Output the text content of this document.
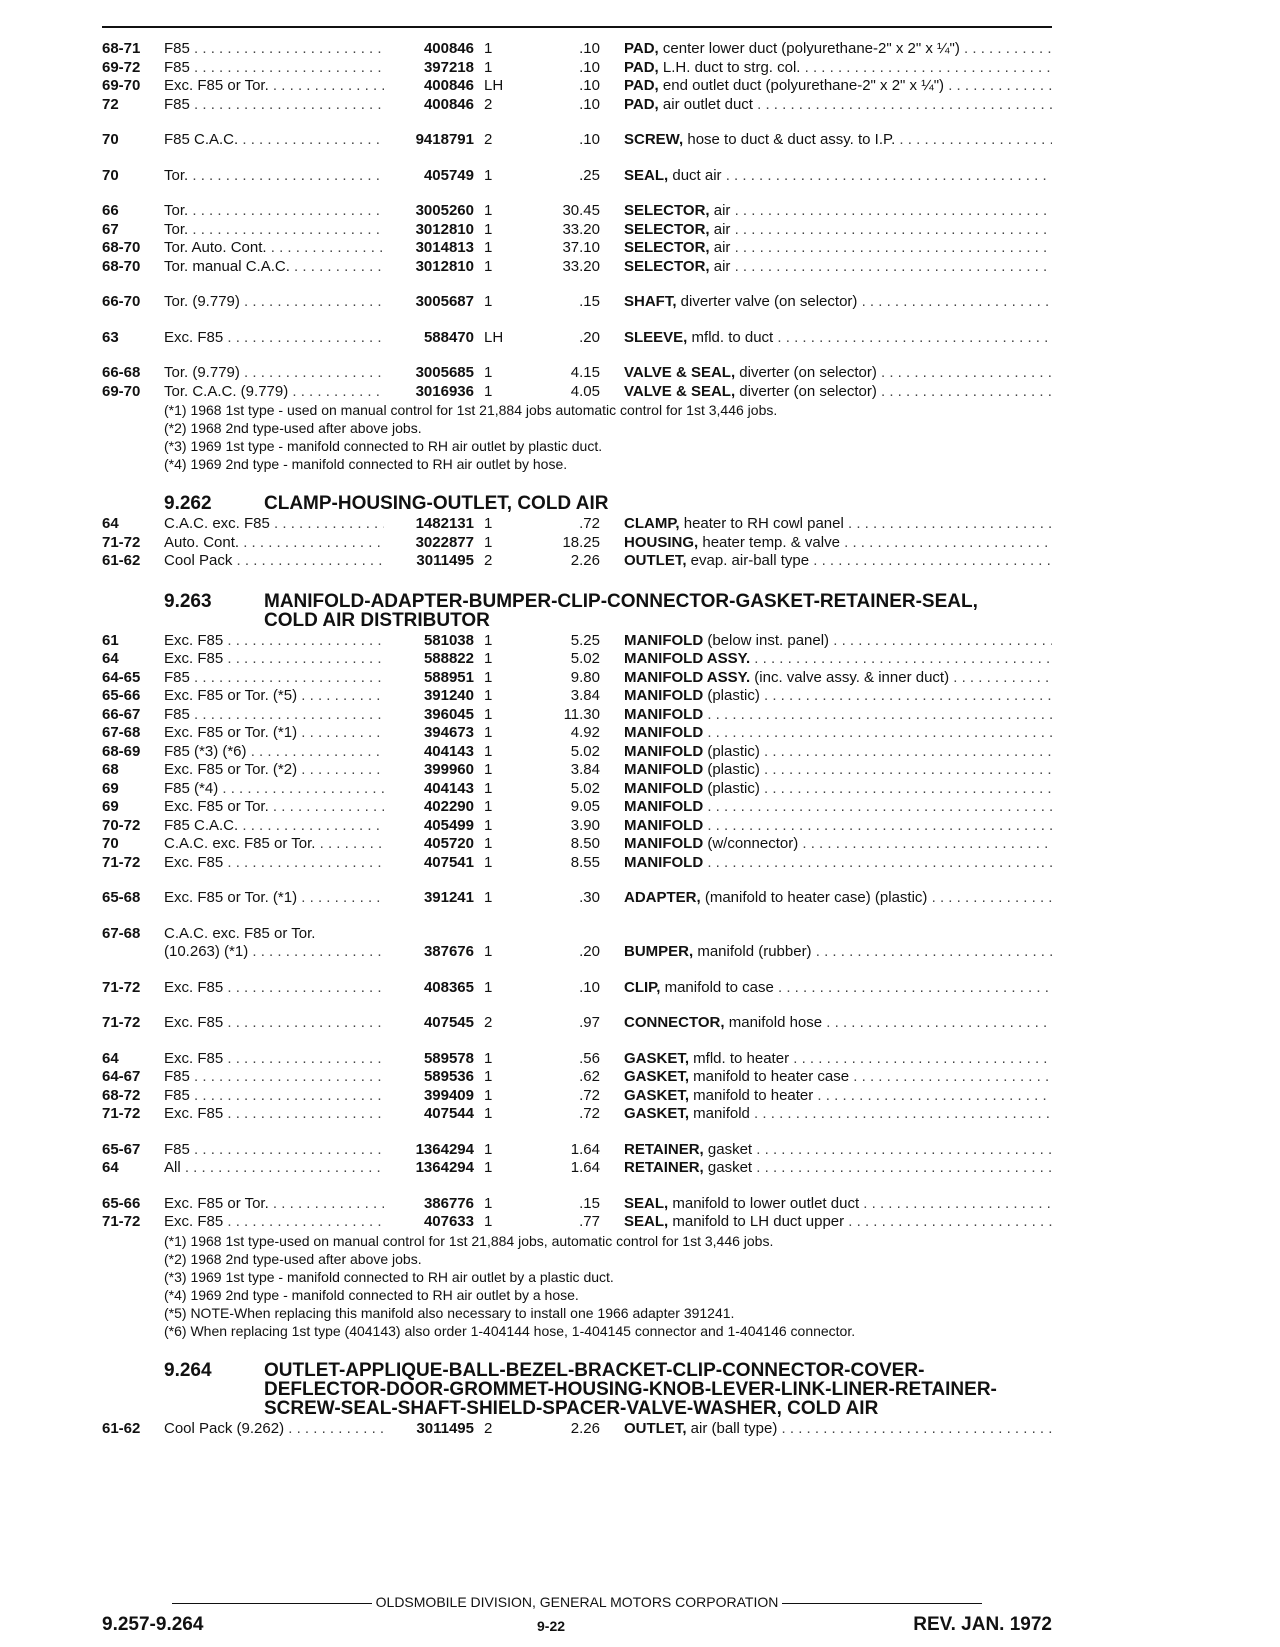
68-71	F85 . . .	400846 1	.10 PAD, center lower duct (polyurethane-2" x 2" x ¼") . . .
69-72	F85 . . .	397218 1	.10 PAD, L.H. duct to strg. col. . . .
69-70	Exc. F85 or Tor. . . .	400846 LH	.10 PAD, end outlet duct (polyurethane-2" x 2" x ¼") . . .
72	F85 . . .	400846 2	.10 PAD, air outlet duct . . .
70	F85 C.A.C. . . .	9418791 2	.10 SCREW, hose to duct & duct assy. to I.P. . . .
70	Tor. . . .	405749 1	.25 SEAL, duct air . . .
66	Tor. . . .	3005260 1	30.45 SELECTOR, air . . .
67	Tor. . . .	3012810 1	33.20 SELECTOR, air . . .
68-70	Tor. Auto. Cont. . . .	3014813 1	37.10 SELECTOR, air . . .
68-70	Tor. manual C.A.C. . . .	3012810 1	33.20 SELECTOR, air . . .
66-70	Tor. (9.779) . . .	3005687 1	.15 SHAFT, diverter valve (on selector) . . .
63	Exc. F85 . . .	588470 LH	.20 SLEEVE, mfld. to duct . . .
66-68	Tor. (9.779) . . .	3005685 1	4.15 VALVE & SEAL, diverter (on selector) . . .
69-70	Tor. C.A.C. (9.779) . . .	3016936 1	4.05 VALVE & SEAL, diverter (on selector) . . .
(*1) 1968 1st type - used on manual control for 1st 21,884 jobs automatic control for 1st 3,446 jobs.
(*2) 1968 2nd type-used after above jobs.
(*3) 1969 1st type - manifold connected to RH air outlet by plastic duct.
(*4) 1969 2nd type - manifold connected to RH air outlet by hose.
9.262	CLAMP-HOUSING-OUTLET, COLD AIR
64	C.A.C. exc. F85 . . .	1482131 1	.72 CLAMP, heater to RH cowl panel . . .
71-72	Auto. Cont. . . .	3022877 1	18.25 HOUSING, heater temp. & valve . . .
61-62	Cool Pack . . .	3011495 2	2.26 OUTLET, evap. air-ball type . . .
9.263	MANIFOLD-ADAPTER-BUMPER-CLIP-CONNECTOR-GASKET-RETAINER-SEAL, COLD AIR DISTRIBUTOR
61	Exc. F85 . . .	581038 1	5.25 MANIFOLD (below inst. panel) . . .
64	Exc. F85 . . .	588822 1	5.02 MANIFOLD ASSY. . . .
64-65	F85 . . .	588951 1	9.80 MANIFOLD ASSY. (inc. valve assy. & inner duct) . . .
65-66	Exc. F85 or Tor. (*5) . . .	391240 1	3.84 MANIFOLD (plastic) . . .
66-67	F85 . . .	396045 1	11.30 MANIFOLD . . .
67-68	Exc. F85 or Tor. (*1) . . .	394673 1	4.92 MANIFOLD . . .
68-69	F85 (*3) (*6) . . .	404143 1	5.02 MANIFOLD (plastic) . . .
68	Exc. F85 or Tor. (*2) . . .	399960 1	3.84 MANIFOLD (plastic) . . .
69	F85 (*4) . . .	404143 1	5.02 MANIFOLD (plastic) . . .
69	Exc. F85 or Tor. . . .	402290 1	9.05 MANIFOLD . . .
70-72	F85 C.A.C. . . .	405499 1	3.90 MANIFOLD . . .
70	C.A.C. exc. F85 or Tor. . . .	405720 1	8.50 MANIFOLD (w/connector) . . .
71-72	Exc. F85 . . .	407541 1	8.55 MANIFOLD . . .
65-68	Exc. F85 or Tor. (*1) . . .	391241 1	.30 ADAPTER, (manifold to heater case) (plastic) . . .
67-68	C.A.C. exc. F85 or Tor.
(10.263) (*1) . . .	387676 1	.20 BUMPER, manifold (rubber) . . .
71-72	Exc. F85 . . .	408365 1	.10 CLIP, manifold to case . . .
71-72	Exc. F85 . . .	407545 2	.97 CONNECTOR, manifold hose . . .
64	Exc. F85 . . .	589578 1	.56 GASKET, mfld. to heater . . .
64-67	F85 . . .	589536 1	.62 GASKET, manifold to heater case . . .
68-72	F85 . . .	399409 1	.72 GASKET, manifold to heater . . .
71-72	Exc. F85 . . .	407544 1	.72 GASKET, manifold . . .
65-67	F85 . . .	1364294 1	1.64 RETAINER, gasket . . .
64	All . . .	1364294 1	1.64 RETAINER, gasket . . .
65-66	Exc. F85 or Tor. . . .	386776 1	.15 SEAL, manifold to lower outlet duct . . .
71-72	Exc. F85 . . .	407633 1	.77 SEAL, manifold to LH duct upper . . .
(*1) 1968 1st type-used on manual control for 1st 21,884 jobs, automatic control for 1st 3,446 jobs.
(*2) 1968 2nd type-used after above jobs.
(*3) 1969 1st type - manifold connected to RH air outlet by a plastic duct.
(*4) 1969 2nd type - manifold connected to RH air outlet by a hose.
(*5) NOTE-When replacing this manifold also necessary to install one 1966 adapter 391241.
(*6) When replacing 1st type (404143) also order 1-404144 hose, 1-404145 connector and 1-404146 connector.
9.264	OUTLET-APPLIQUE-BALL-BEZEL-BRACKET-CLIP-CONNECTOR-COVER-DEFLECTOR-DOOR-GROMMET-HOUSING-KNOB-LEVER-LINK-LINER-RETAINER-SCREW-SEAL-SHAFT-SHIELD-SPACER-VALVE-WASHER, COLD AIR
61-62	Cool Pack (9.262) . . .	3011495 2	2.26 OUTLET, air (ball type) . . .
OLDSMOBILE DIVISION, GENERAL MOTORS CORPORATION
9.257-9.264	9-22	REV. JAN. 1972
